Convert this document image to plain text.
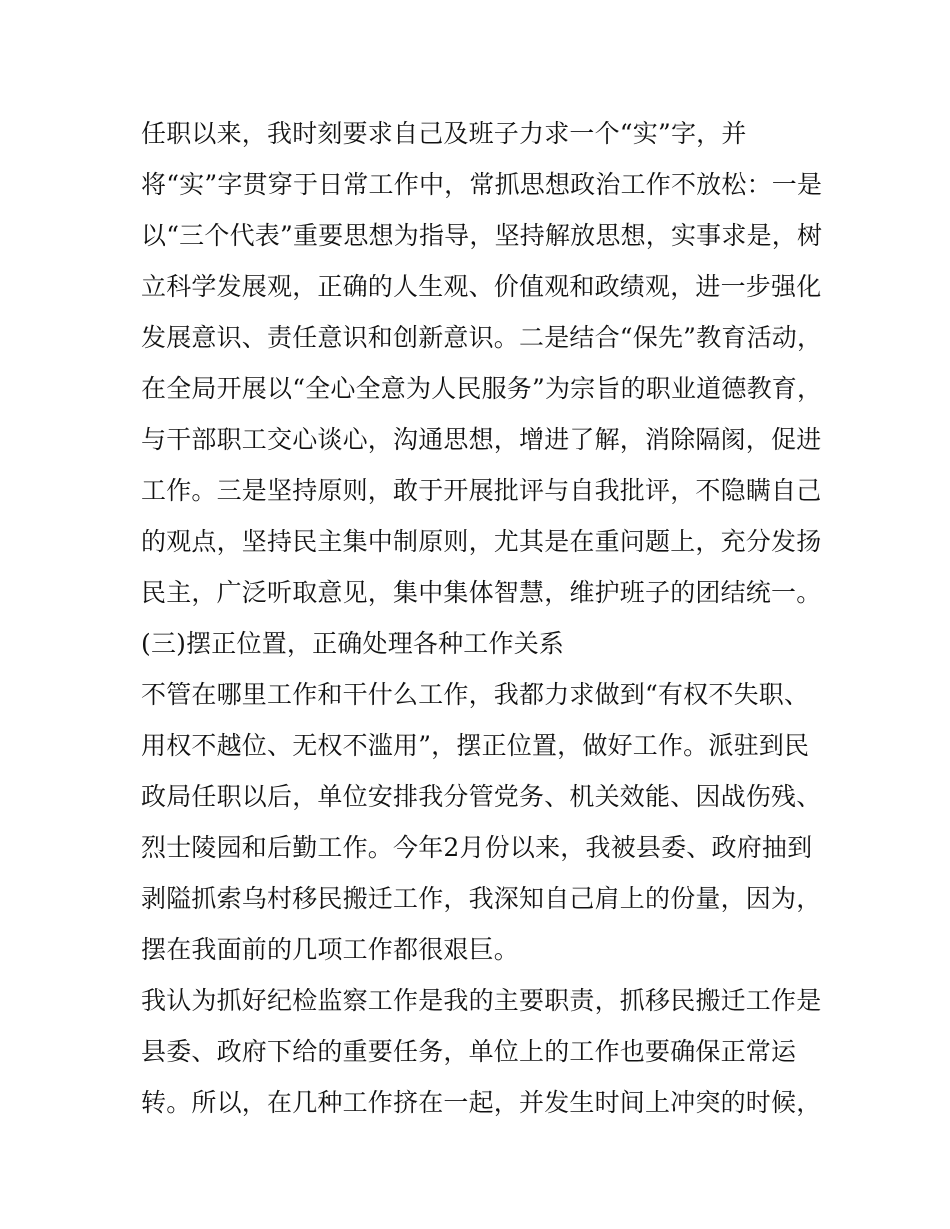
任职以来，我时刻要求自己及班子力求一个“实”字，并
将“实”字贯穿于日常工作中，常抓思想政治工作不放松：一是
以“三个代表”重要思想为指导，坚持解放思想，实事求是，树
立科学发展观，正确的人生观、价值观和政绩观，进一步强化
发展意识、责任意识和创新意识。二是结合“保先”教育活动，
在全局开展以“全心全意为人民服务”为宗旨的职业道德教育，
与干部职工交心谈心，沟通思想，增进了解，消除隔阂，促进
工作。三是坚持原则，敢于开展批评与自我批评，不隐瞒自己
的观点，坚持民主集中制原则，尤其是在重问题上，充分发扬
民主，广泛听取意见，集中集体智慧，维护班子的团结统一。
(三)摆正位置，正确处理各种工作关系
不管在哪里工作和干什么工作，我都力求做到“有权不失职、
用权不越位、无权不滥用”，摆正位置，做好工作。派驻到民
政局任职以后，单位安排我分管党务、机关效能、因战伤残、
烈士陵园和后勤工作。今年2月份以来，我被县委、政府抽到
剥隘抓索乌村移民搬迁工作，我深知自己肩上的份量，因为，
摆在我面前的几项工作都很艰巨。
我认为抓好纪检监察工作是我的主要职责，抓移民搬迁工作是
县委、政府下给的重要任务，单位上的工作也要确保正常运
转。所以，在几种工作挤在一起，并发生时间上冲突的时候，
